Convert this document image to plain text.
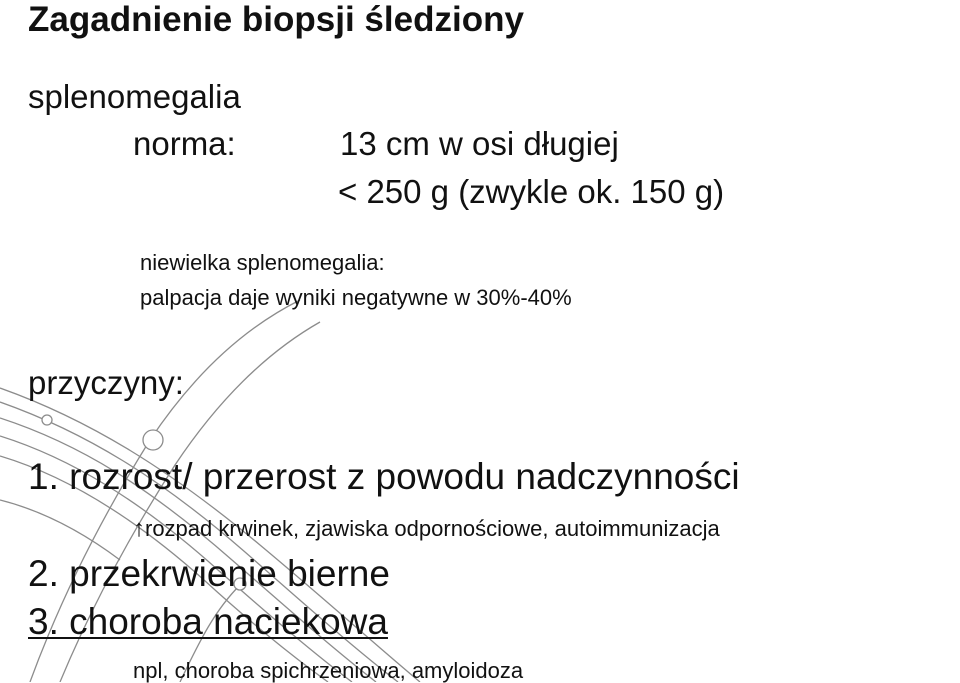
Zagadnienie biopsji śledziony
splenomegalia
norma:	13 cm w osi długiej
< 250 g (zwykle ok. 150 g)
niewielka splenomegalia:
palpacja daje wyniki negatywne w 30%-40%
przyczyny:
1. rozrost/ przerost z powodu nadczynności
↑rozpad krwinek, zjawiska odpornościowe, autoimmunizacja
2. przekrwienie bierne
3. choroba naciekowa
npl, choroba spichrzeniowa, amyloidoza
